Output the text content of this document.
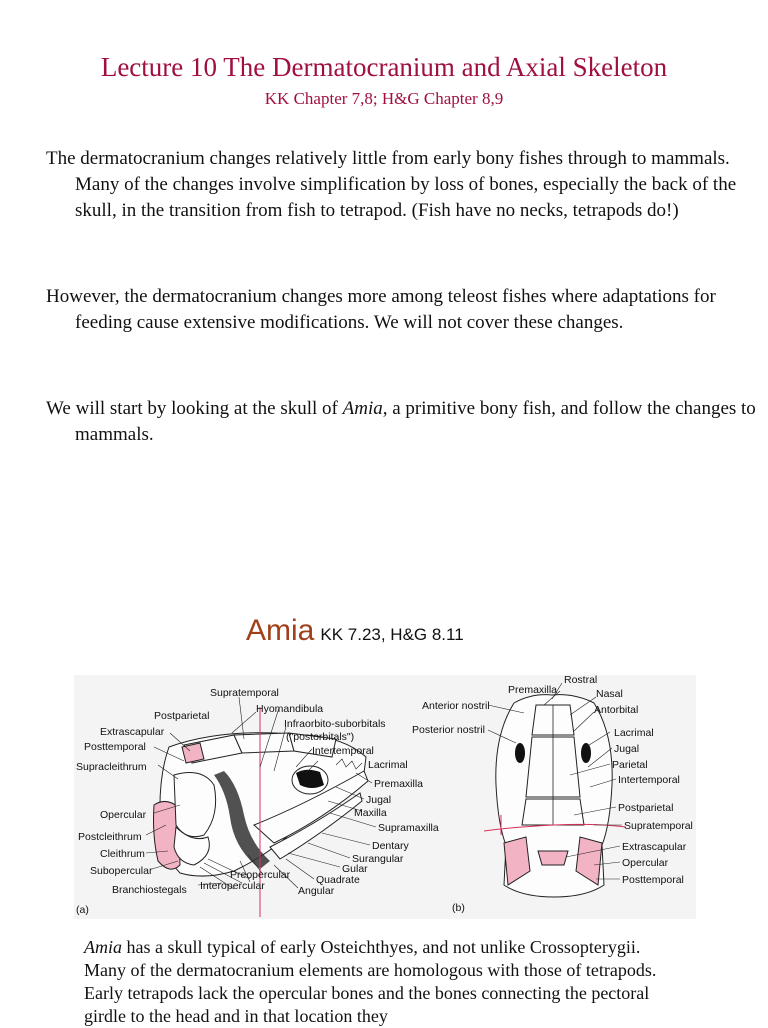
Lecture 10 The Dermatocranium and Axial Skeleton
KK Chapter 7,8; H&G Chapter 8,9

The dermatocranium changes relatively little from early bony fishes through to mammals. Many of the changes involve simplification by loss of bones, especially the back of the skull, in the transition from fish to tetrapod. (Fish have no necks, tetrapods do!)

However, the dermatocranium changes more among teleost fishes where adaptations for feeding cause extensive modifications. We will not cover these changes.

We will start by looking at the skull of Amia, a primitive bony fish, and follow the changes to mammals.

Amia KK 7.23, H&G 8.11
Supratemporal
Hyomandibula
Postparietal
Infraorbito-suborbitals
("postorbitals")
Extrascapular
Intertemporal
Posttemporal
Lacrimal
Supracleithrum
Premaxilla
Jugal
Maxilla
Opercular
Supramaxilla
Postcleithrum
Dentary
Cleithrum	Surangular
Subopercular	Gular
Preopercular Quadrate
Branchiostegals Interopercular	Angular
(a)
Rostral
Premaxilla	Nasal
Anterior nostril	Antorbital
Posterior nostril	Lacrimal
Jugal
Parietal
Intertemporal
Postparietal
Supratemporal
Extrascapular
Opercular
Posttemporal
(b)

Amia has a skull typical of early Osteichthyes, and not unlike Crossopterygii. Many of the dermatocranium elements are homologous with those of tetrapods. Early tetrapods lack the opercular bones and the bones connecting the pectoral girdle to the head and in that location they
